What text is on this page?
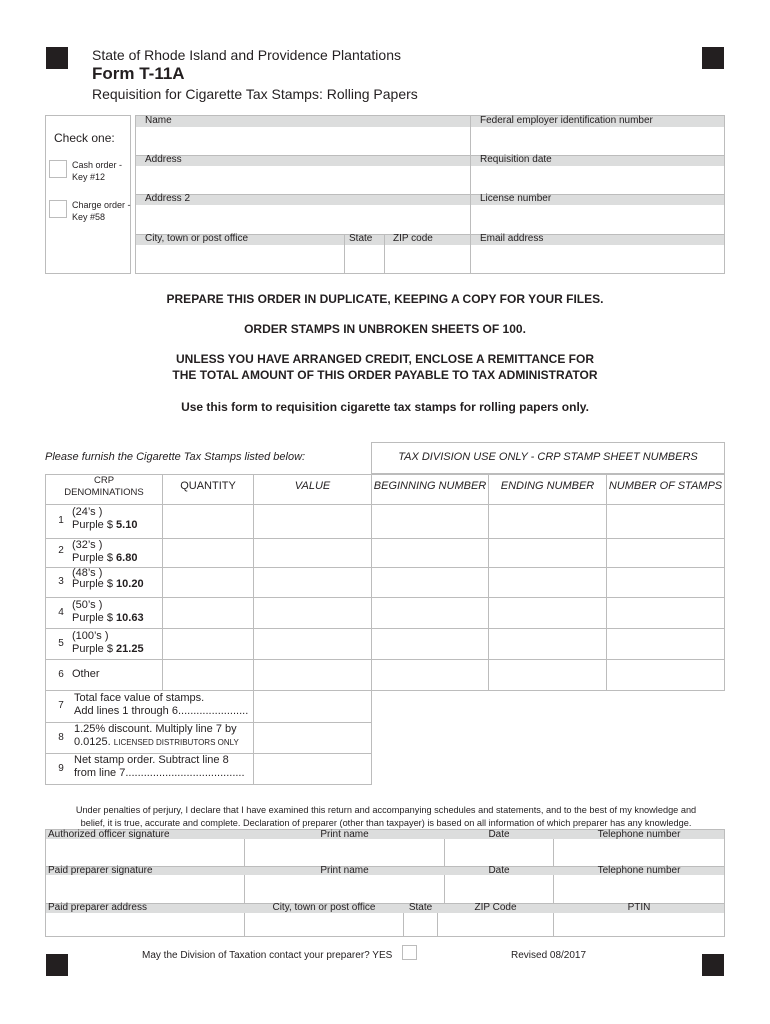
State of Rhode Island and Providence Plantations
Form T-11A
Requisition for Cigarette Tax Stamps: Rolling Papers
Check one:
Cash order -
Key #12
Charge order -
Key #58
Name	Federal employer identification number
Address	Requisition date
Address 2	License number
City, town or post office	State ZIP code	Email address
PREPARE THIS ORDER IN DUPLICATE, KEEPING A COPY FOR YOUR FILES.
ORDER STAMPS IN UNBROKEN SHEETS OF 100.
UNLESS YOU HAVE ARRANGED CREDIT, ENCLOSE A REMITTANCE FOR
THE TOTAL AMOUNT OF THIS ORDER PAYABLE TO TAX ADMINISTRATOR
Use this form to requisition cigarette tax stamps for rolling papers only.
Please furnish the Cigarette Tax Stamps listed below:	TAX DIVISION USE ONLY - CRP STAMP SHEET NUMBERS
CRP
DENOMINATIONS
QUANTITY	VALUE	BEGINNING NUMBER	ENDING NUMBER	NUMBER OF STAMPS
1
(24’s )
Purple $ 5.10
2 (32’s )
Purple $ 6.80
3
(48’s )
Purple $ 10.20
4
(50’s )
Purple $ 10.63
5
(100’s )
Purple $ 21.25
6 Other
7
Total face value of stamps.
Add lines 1 through 6.......................
8
1.25% discount. Multiply line 7 by
0.0125. LICENSED DISTRIBUTORS ONLY
9
Net stamp order. Subtract line 8
from line 7.......................................
Under penalties of perjury, I declare that I have examined this return and accompanying schedules and statements, and to the best of my knowledge and
belief, it is true, accurate and complete. Declaration of preparer (other than taxpayer) is based on all information of which preparer has any knowledge.
Authorized officer signature	Print name	Date	Telephone number
Paid preparer signature	Print name	Date	Telephone number
Paid preparer address	City, town or post office	State	ZIP Code	PTIN
May the Division of Taxation contact your preparer? YES	Revised 08/2017
